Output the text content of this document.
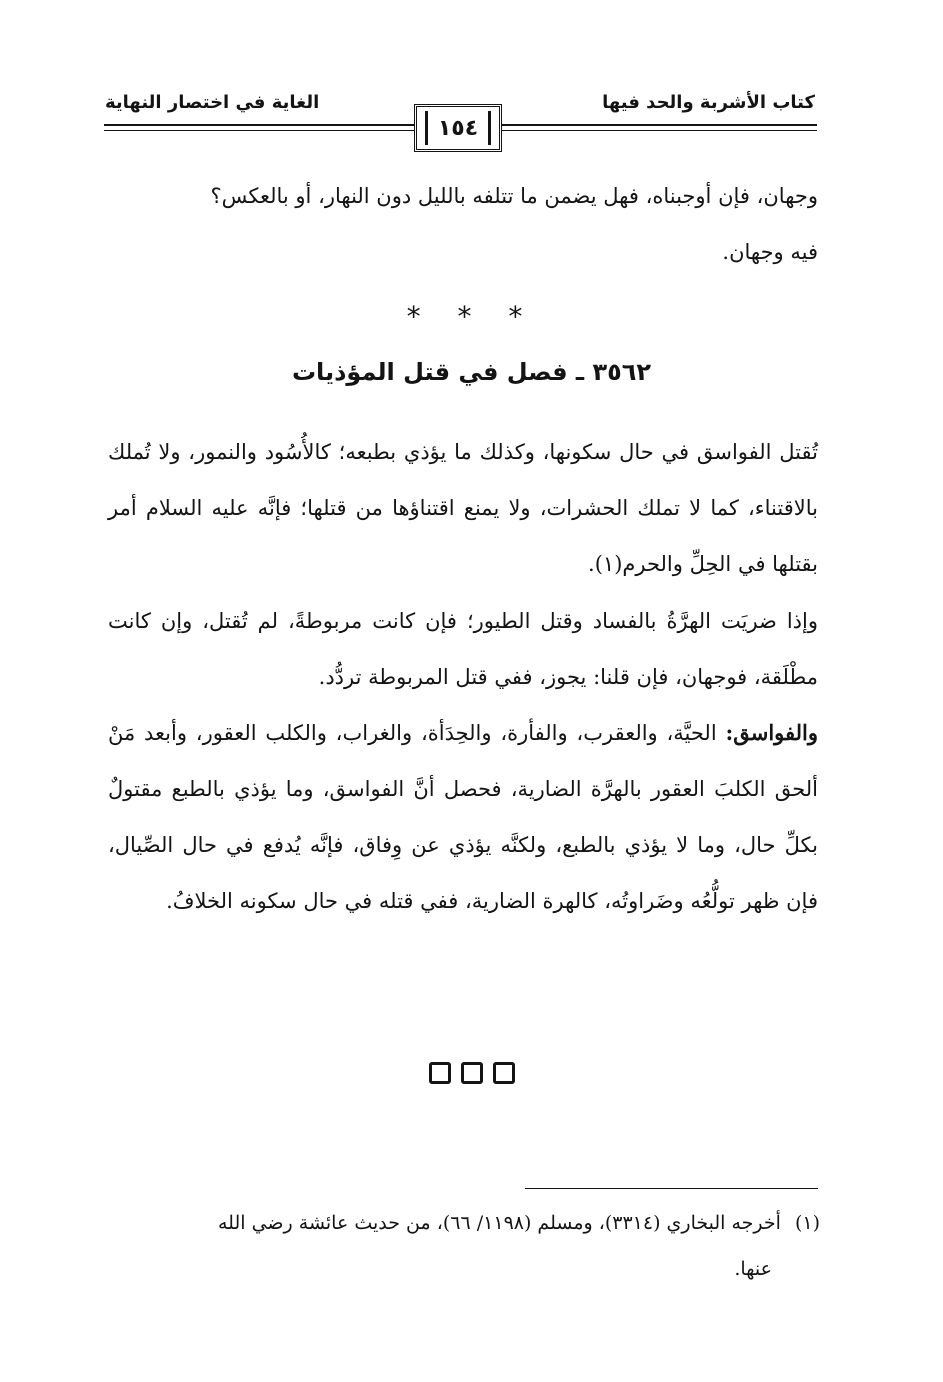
كتاب الأشربة والحد فيها
الغاية في اختصار النهاية
١٥٤

وجهان، فإن أوجبناه، فهل يضمن ما تتلفه بالليل دون النهار، أو بالعكس؟

فيه وجهان.

* * *
٣٥٦٢ ـ فصل في قتل المؤذيات

تُقتل الفواسق في حال سكونها، وكذلك ما يؤذي بطبعه؛ كالأُسُود والنمور، ولا تُملك بالاقتناء، كما لا تملك الحشرات، ولا يمنع اقتناؤها من قتلها؛ فإنَّه عليه السلام أمر بقتلها في الحِلِّ والحرم(١).

وإذا ضريَت الهرَّةُ بالفساد وقتل الطيور؛ فإن كانت مربوطةً، لم تُقتل، وإن كانت مطْلَقة، فوجهان، فإن قلنا: يجوز، ففي قتل المربوطة تردُّد.

والفواسق: الحيَّة، والعقرب، والفأرة، والحِدَأة، والغراب، والكلب العقور، وأبعد مَنْ ألحق الكلبَ العقور بالهرَّة الضارية، فحصل أنَّ الفواسق، وما يؤذي بالطبع مقتولٌ بكلِّ حال، وما لا يؤذي بالطبع، ولكنَّه يؤذي عن وِفاق، فإنَّه يُدفع في حال الصِّيال، فإن ظهر تولُّعُه وضَراوتُه، كالهرة الضارية، ففي قتله في حال سكونه الخلافُ.

(١)أخرجه البخاري (٣٣١٤)، ومسلم (١١٩٨/ ٦٦)، من حديث عائشة رضي الله
عنها.
